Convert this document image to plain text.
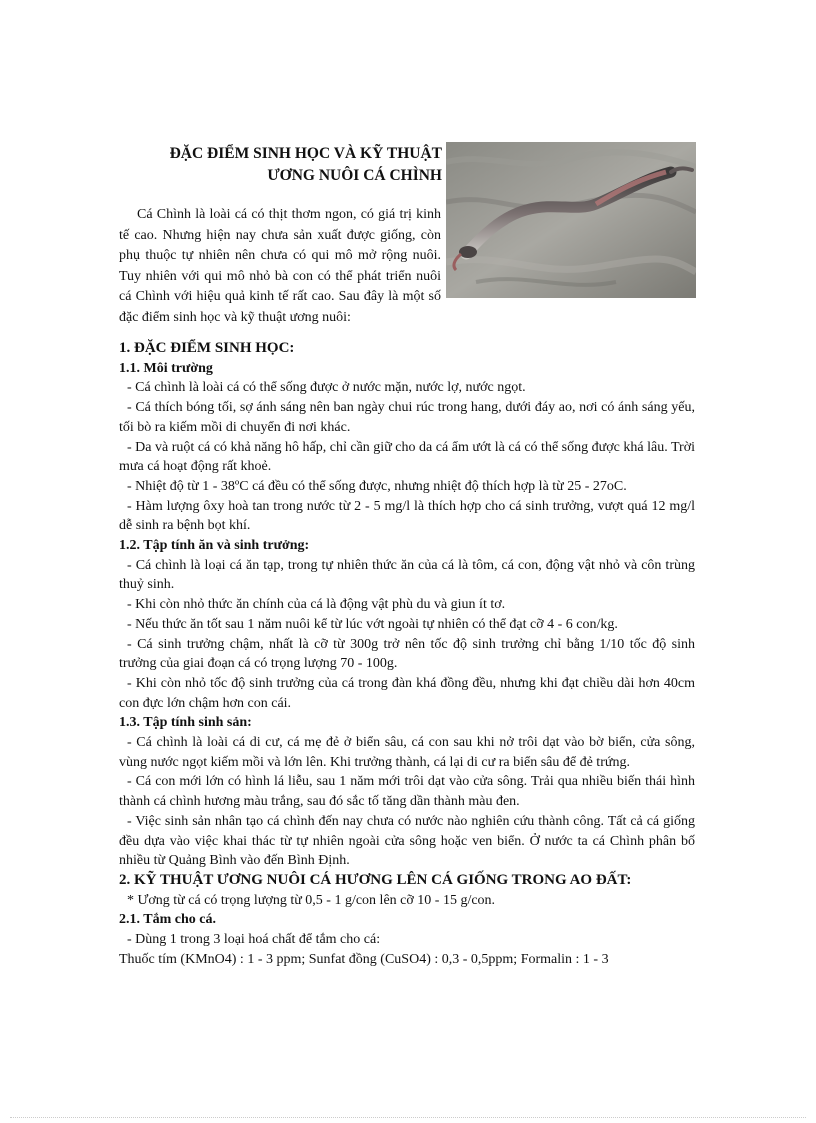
ĐẶC ĐIỂM SINH HỌC VÀ KỸ THUẬT
ƯƠNG NUÔI CÁ CHÌNH

Cá Chình là loài cá có thịt thơm ngon, có giá trị kinh tế cao. Nhưng hiện nay chưa sản xuất được giống, còn phụ thuộc tự nhiên nên chưa có qui mô mở rộng nuôi. Tuy nhiên với qui mô nhỏ bà con có thể phát triển nuôi cá Chình với hiệu quả kinh tế rất cao. Sau đây là một số đặc điểm sinh học và kỹ thuật ương nuôi:

1. ĐẶC ĐIỂM SINH HỌC:

1.1. Môi trường

- Cá chình là loài cá có thể sống được ở nước mặn, nước lợ, nước ngọt.

- Cá thích bóng tối, sợ ánh sáng nên ban ngày chui rúc trong hang, dưới đáy ao, nơi có ánh sáng yếu, tối bò ra kiếm mồi di chuyển đi nơi khác.

- Da và ruột cá có khả năng hô hấp, chỉ cần giữ cho da cá ẩm ướt là cá có thể sống được khá lâu. Trời mưa cá hoạt động rất khoẻ.

- Nhiệt độ từ 1 - 38ºC cá đều có thể sống được, nhưng nhiệt độ thích hợp là từ 25 - 27oC.

- Hàm lượng ôxy hoà tan trong nước từ 2 - 5 mg/l là thích hợp cho cá sinh trưởng, vượt quá 12 mg/l dễ sinh ra bệnh bọt khí.

1.2. Tập tính ăn và sinh trưởng:

- Cá chình là loại cá ăn tạp, trong tự nhiên thức ăn của cá là tôm, cá con, động vật nhỏ và côn trùng thuỷ sinh.

- Khi còn nhỏ thức ăn chính của cá là động vật phù du và giun ít tơ.

- Nếu thức ăn tốt sau 1 năm nuôi kể từ lúc vớt ngoài tự nhiên có thể đạt cỡ 4 - 6 con/kg.

- Cá sinh trưởng chậm, nhất là cỡ từ 300g trở nên tốc độ sinh trưởng chỉ bằng 1/10 tốc độ sinh trưởng của giai đoạn cá có trọng lượng 70 - 100g.

- Khi còn nhỏ tốc độ sinh trưởng của cá trong đàn khá đồng đều, nhưng khi đạt chiều dài hơn 40cm con đực lớn chậm hơn con cái.

1.3. Tập tính sinh sản:

- Cá chình là loài cá di cư, cá mẹ đẻ ở biển sâu, cá con sau khi nở trôi dạt vào bờ biển, cửa sông, vùng nước ngọt kiếm mồi và lớn lên. Khi trưởng thành, cá lại di cư ra biển sâu để đẻ trứng.

- Cá con mới lớn có hình lá liễu, sau 1 năm mới trôi dạt vào cửa sông. Trải qua nhiều biến thái hình thành cá chình hương màu trắng, sau đó sắc tố tăng dần thành màu đen.

- Việc sinh sản nhân tạo cá chình đến nay chưa có nước nào nghiên cứu thành công. Tất cả cá giống đều dựa vào việc khai thác từ tự nhiên ngoài cửa sông hoặc ven biển. Ở nước ta cá Chình phân bố nhiều từ Quảng Bình vào đến Bình Định.

2. KỸ THUẬT ƯƠNG NUÔI CÁ HƯƠNG LÊN CÁ GIỐNG TRONG AO ĐẤT:

* Ương từ cá có trọng lượng từ 0,5 - 1 g/con lên cỡ 10 - 15 g/con.

2.1. Tắm cho cá.

- Dùng 1 trong 3 loại hoá chất để tắm cho cá:

Thuốc tím (KMnO4) : 1 - 3 ppm; Sunfat đồng (CuSO4) : 0,3 - 0,5ppm; Formalin : 1 - 3
